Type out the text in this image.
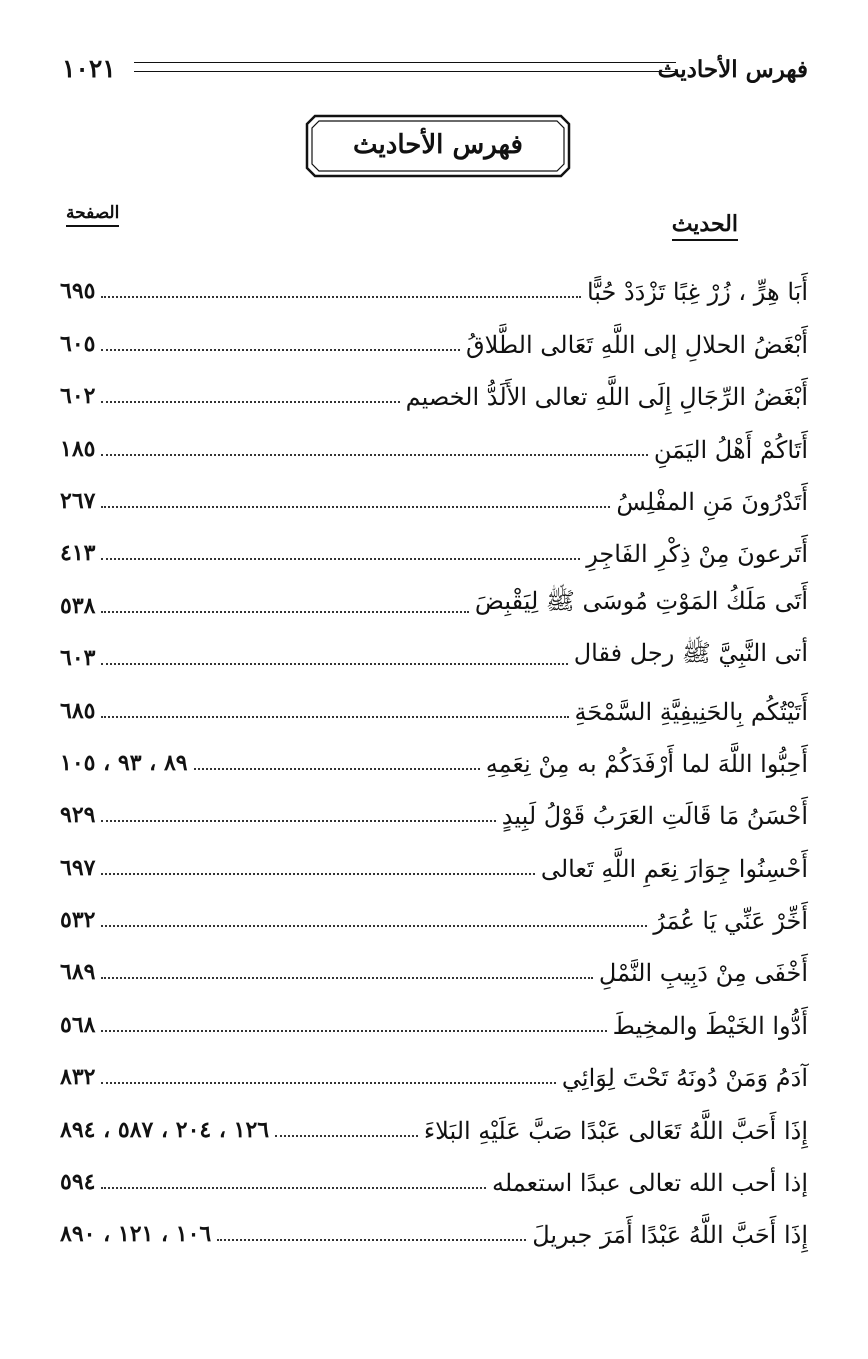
فهرس الأحاديث
١٠٢١
فهرس الأحاديث
الحديث
الصفحة
أَبَا هِرٍّ ، زُرْ غِبًا تَزْدَدْ حُبًّا
٦٩٥
أَبْغَضُ الحلالِ إلى اللَّهِ تَعَالى الطَّلاقُ
٦٠٥
أَبْغَضُ الرِّجَالِ إِلَى اللَّهِ تعالى الأَلَدُّ الخصيم
٦٠٢
أَتَاكُمْ أَهْلُ اليَمَنِ
١٨٥
أَتَدْرُونَ مَنِ المفْلِسُ
٢٦٧
أَتَرعونَ مِنْ ذِكْرِ الفَاجِرِ
٤١٣
أَتَى مَلَكُ المَوْتِ مُوسَى ﷺ لِيَقْبِضَ
٥٣٨
أتى النَّبِيَّ ﷺ رجل فقال
٦٠٣
أَتَيْتُكُم بِالحَنِيفِيَّةِ السَّمْحَةِ
٦٨٥
أَحِبُّوا اللَّهَ لما أَرْفَدَكُمْ به مِنْ نِعَمِهِ
٨٩ ، ٩٣ ، ١٠٥
أَحْسَنُ مَا قَالَتِ العَرَبُ قَوْلُ لَبِيدٍ
٩٢٩
أَحْسِنُوا جِوَارَ نِعَمِ اللَّهِ تَعالى
٦٩٧
أَخِّرْ عَنِّي يَا عُمَرُ
٥٣٢
أَخْفَى مِنْ دَبِيبِ النَّمْلِ
٦٨٩
أَدُّوا الخَيْطَ والمخِيطَ
٥٦٨
آدَمُ وَمَنْ دُونَهُ تَحْتَ لِوَائِي
٨٣٢
إِذَا أَحَبَّ اللَّهُ تَعَالى عَبْدًا صَبَّ عَلَيْهِ البَلاءَ
١٢٦ ، ٢٠٤ ، ٥٨٧ ، ٨٩٤
إذا أحب الله تعالى عبدًا استعمله
٥٩٤
إِذَا أَحَبَّ اللَّهُ عَبْدًا أَمَرَ جبريلَ
١٠٦ ، ١٢١ ، ٨٩٠
